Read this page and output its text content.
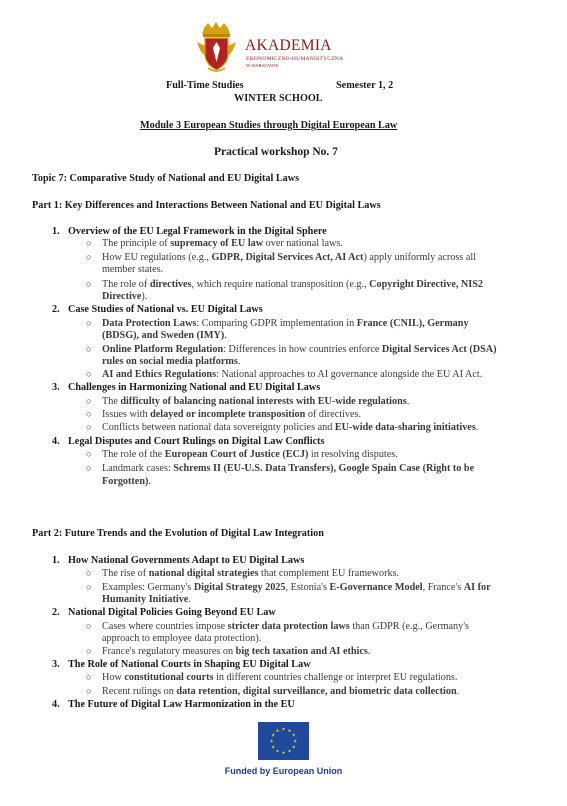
AKADEMIA
EKONOMICZNO-HUMANISTYCZNA
W WARSZAWIE
Full-Time Studies	Semester 1, 2
WINTER SCHOOL
Module 3 European Studies through Digital European Law
Practical workshop No. 7
Topic 7: Comparative Study of National and EU Digital Laws
Part 1: Key Differences and Interactions Between National and EU Digital Laws
1. Overview of the EU Legal Framework in the Digital Sphere
○ The principle of supremacy of EU law over national laws.
○ How EU regulations (e.g., GDPR, Digital Services Act, AI Act) apply uniformly across all
member states.
○ The role of directives, which require national transposition (e.g., Copyright Directive, NIS2
Directive).
2. Case Studies of National vs. EU Digital Laws
○ Data Protection Laws: Comparing GDPR implementation in France (CNIL), Germany
(BDSG), and Sweden (IMY).
○ Online Platform Regulation: Differences in how countries enforce Digital Services Act (DSA)
rules on social media platforms.
○ AI and Ethics Regulations: National approaches to AI governance alongside the EU AI Act.
3. Challenges in Harmonizing National and EU Digital Laws
○ The difficulty of balancing national interests with EU-wide regulations.
○ Issues with delayed or incomplete transposition of directives.
○ Conflicts between national data sovereignty policies and EU-wide data-sharing initiatives.
4. Legal Disputes and Court Rulings on Digital Law Conflicts
○ The role of the European Court of Justice (ECJ) in resolving disputes.
○ Landmark cases: Schrems II (EU-U.S. Data Transfers), Google Spain Case (Right to be
Forgotten).
Part 2: Future Trends and the Evolution of Digital Law Integration
1. How National Governments Adapt to EU Digital Laws
○ The rise of national digital strategies that complement EU frameworks.
○ Examples: Germany's Digital Strategy 2025, Estonia's E-Governance Model, France's AI for
Humanity Initiative.
2. National Digital Policies Going Beyond EU Law
○ Cases where countries impose stricter data protection laws than GDPR (e.g., Germany's
approach to employee data protection).
○ France's regulatory measures on big tech taxation and AI ethics.
3. The Role of National Courts in Shaping EU Digital Law
○ How constitutional courts in different countries challenge or interpret EU regulations.
○ Recent rulings on data retention, digital surveillance, and biometric data collection.
4. The Future of Digital Law Harmonization in the EU
★ ★
★
★
★
★
★
★
★
★
★
★
Funded by European Union
